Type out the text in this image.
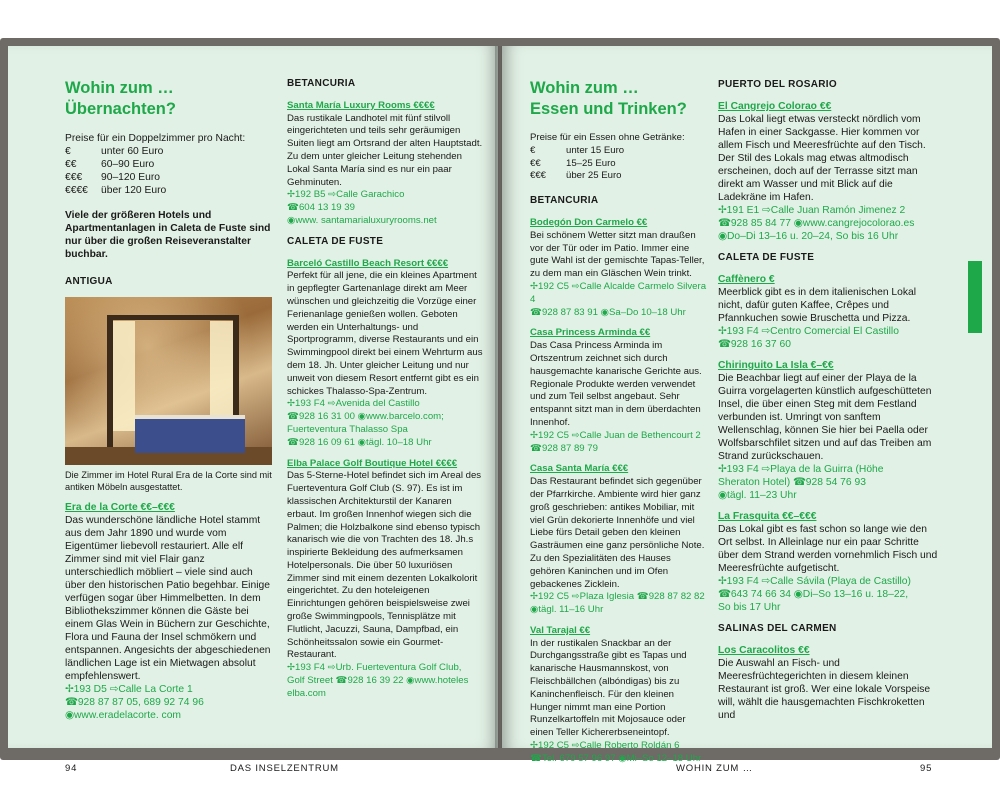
Wohin zum …
Übernachten?

Preise für ein Doppelzimmer pro Nacht:

€	unter 60 Euro
€€	60–90 Euro
€€€	90–120 Euro
€€€€	über 120 Euro

Viele der größeren Hotels und Apartmentanlagen in Caleta de Fuste sind nur über die großen Reiseveranstalter buchbar.

ANTIGUA

Die Zimmer im Hotel Rural Era de la Corte sind mit antiken Möbeln ausgestattet.

Era de la Corte €€–€€€

Das wunderschöne ländliche Hotel stammt aus dem Jahr 1890 und wurde vom Eigentümer liebevoll restauriert. Alle elf Zimmer sind mit viel Flair ganz unterschiedlich möbliert – viele sind auch über den historischen Patio begehbar. Einige verfügen sogar über Himmelbetten. In dem Bibliothekszimmer können die Gäste bei einem Glas Wein in Büchern zur Geschichte, Flora und Fauna der Insel schmökern und entspannen. Angesichts der abgeschiedenen ländlichen Lage ist ein Mietwagen absolut empfehlenswert.

✢193 D5 ⇨Calle La Corte 1
☎928 87 87 05, 689 92 74 96
◉www.eradelacorte. com

BETANCURIA

Santa María Luxury Rooms €€€€

Das rustikale Landhotel mit fünf stilvoll eingerichteten und teils sehr geräumigen Suiten liegt am Ortsrand der alten Hauptstadt. Zu dem unter gleicher Leitung stehenden Lokal Santa María sind es nur ein paar Gehminuten.

✢192 B5 ⇨Calle Garachico
☎604 13 19 39
◉www. santamarialuxuryrooms.net

CALETA DE FUSTE

Barceló Castillo Beach Resort €€€€

Perfekt für all jene, die ein kleines Apartment in gepflegter Gartenanlage direkt am Meer wünschen und gleichzeitig die Vorzüge einer Ferienanlage genießen wollen. Geboten werden ein Unterhaltungs- und Sportprogramm, diverse Restaurants und ein Swimmingpool direkt bei einem Wehrturm aus dem 18. Jh. Unter gleicher Leitung und nur unweit von diesem Resort entfernt gibt es ein schickes Thalasso-Spa-Zentrum.

✢193 F4 ⇨Avenida del Castillo
☎928 16 31 00 ◉www.barcelo.com;
Fuerteventura Thalasso Spa
☎928 16 09 61 ◉tägl. 10–18 Uhr

Elba Palace Golf Boutique Hotel €€€€

Das 5-Sterne-Hotel befindet sich im Areal des Fuerteventura Golf Club (S. 97). Es ist im klassischen Architekturstil der Kanaren erbaut. Im großen Innenhof wiegen sich die Palmen; die Holzbalkone sind ebenso typisch kanarisch wie die von Trachten des 18. Jh.s inspirierte Bekleidung des aufmerksamen Hotelpersonals. Die über 50 luxuriösen Zimmer sind mit einem dezenten Lokalkolorit eingerichtet. Zu den hoteleigenen Einrichtungen gehören beispielsweise zwei große Swimmingpools, Tennisplätze mit Flutlicht, Jacuzzi, Sauna, Dampfbad, ein Schönheitssalon sowie ein Gourmet-Restaurant.

✢193 F4 ⇨Urb. Fuerteventura Golf Club,
Golf Street ☎928 16 39 22 ◉www.hoteles
elba.com
94	DAS INSELZENTRUM
Wohin zum …
Essen und Trinken?

Preise für ein Essen ohne Getränke:

€	unter 15 Euro
€€	15–25 Euro
€€€	über 25 Euro

BETANCURIA

Bodegón Don Carmelo €€

Bei schönem Wetter sitzt man draußen vor der Tür oder im Patio. Immer eine gute Wahl ist der gemischte Tapas-Teller, zu dem man ein Gläschen Wein trinkt.

✢192 C5 ⇨Calle Alcalde Carmelo Silvera 4
☎928 87 83 91 ◉Sa–Do 10–18 Uhr

Casa Princess Arminda €€

Das Casa Princess Arminda im Ortszentrum zeichnet sich durch hausgemachte kanarische Gerichte aus. Regionale Produkte werden verwendet und zum Teil selbst angebaut. Sehr entspannt sitzt man in dem überdachten Innenhof.

✢192 C5 ⇨Calle Juan de Bethencourt 2
☎928 87 89 79

Casa Santa María €€€

Das Restaurant befindet sich gegenüber der Pfarrkirche. Ambiente wird hier ganz groß geschrieben: antikes Mobiliar, mit viel Grün dekorierte Innenhöfe und viel Liebe fürs Detail geben den kleinen Gasträumen eine ganz persönliche Note. Zu den Spezialitäten des Hauses gehören Kaninchen und im Ofen gebackenes Zicklein.

✢192 C5 ⇨Plaza Iglesia ☎928 87 82 82
◉tägl. 11–16 Uhr

Val Tarajal €€

In der rustikalen Snackbar an der Durchgangsstraße gibt es Tapas und kanarische Hausmannskost, von Fleischbällchen (albóndigas) bis zu Kaninchenfleisch. Für den kleinen Hunger nimmt man eine Portion Runzelkartoffeln mit Mojosauce oder einen Teller Kichererbseneintopf.

✢192 C5 ⇨Calle Roberto Roldán 6
☎Tel. 679 57 96 97 ◉Mi–So 12–18 Uhr

PUERTO DEL ROSARIO

El Cangrejo Colorao €€

Das Lokal liegt etwas versteckt nördlich vom Hafen in einer Sackgasse. Hier kommen vor allem Fisch und Meeresfrüchte auf den Tisch. Der Stil des Lokals mag etwas altmodisch erscheinen, doch auf der Terrasse sitzt man direkt am Wasser und mit Blick auf die Ladekräne im Hafen.

✢191 E1 ⇨Calle Juan Ramón Jimenez 2
☎928 85 84 77 ◉www.cangrejocolorao.es
◉Do–Di 13–16 u. 20–24, So bis 16 Uhr

CALETA DE FUSTE

Caffènero €

Meerblick gibt es in dem italienischen Lokal nicht, dafür guten Kaffee, Crêpes und Pfannkuchen sowie Bruschetta und Pizza.

✢193 F4 ⇨Centro Comercial El Castillo
☎928 16 37 60

Chiringuito La Isla €–€€

Die Beachbar liegt auf einer der Playa de la Guirra vorgelagerten künstlich aufgeschütteten Insel, die über einen Steg mit dem Festland verbunden ist. Umringt von sanftem Wellenschlag, können Sie hier bei Paella oder Wolfsbarschfilet sitzen und auf das Treiben am Strand zurückschauen.

✢193 F4 ⇨Playa de la Guirra (Höhe
Sheraton Hotel) ☎928 54 76 93
◉tägl. 11–23 Uhr

La Frasquita €€–€€€

Das Lokal gibt es fast schon so lange wie den Ort selbst. In Alleinlage nur ein paar Schritte über dem Strand werden vornehmlich Fisch und Meeresfrüchte aufgetischt.

✢193 F4 ⇨Calle Sávila (Playa de Castillo)
☎643 74 66 34 ◉Di–So 13–16 u. 18–22,
So bis 17 Uhr

SALINAS DEL CARMEN

Los Caracolitos €€

Die Auswahl an Fisch- und Meeresfrüchtegerichten in diesem kleinen Restaurant ist groß. Wer eine lokale Vorspeise will, wählt die hausgemachten Fischkroketten und

WOHIN ZUM …	95
